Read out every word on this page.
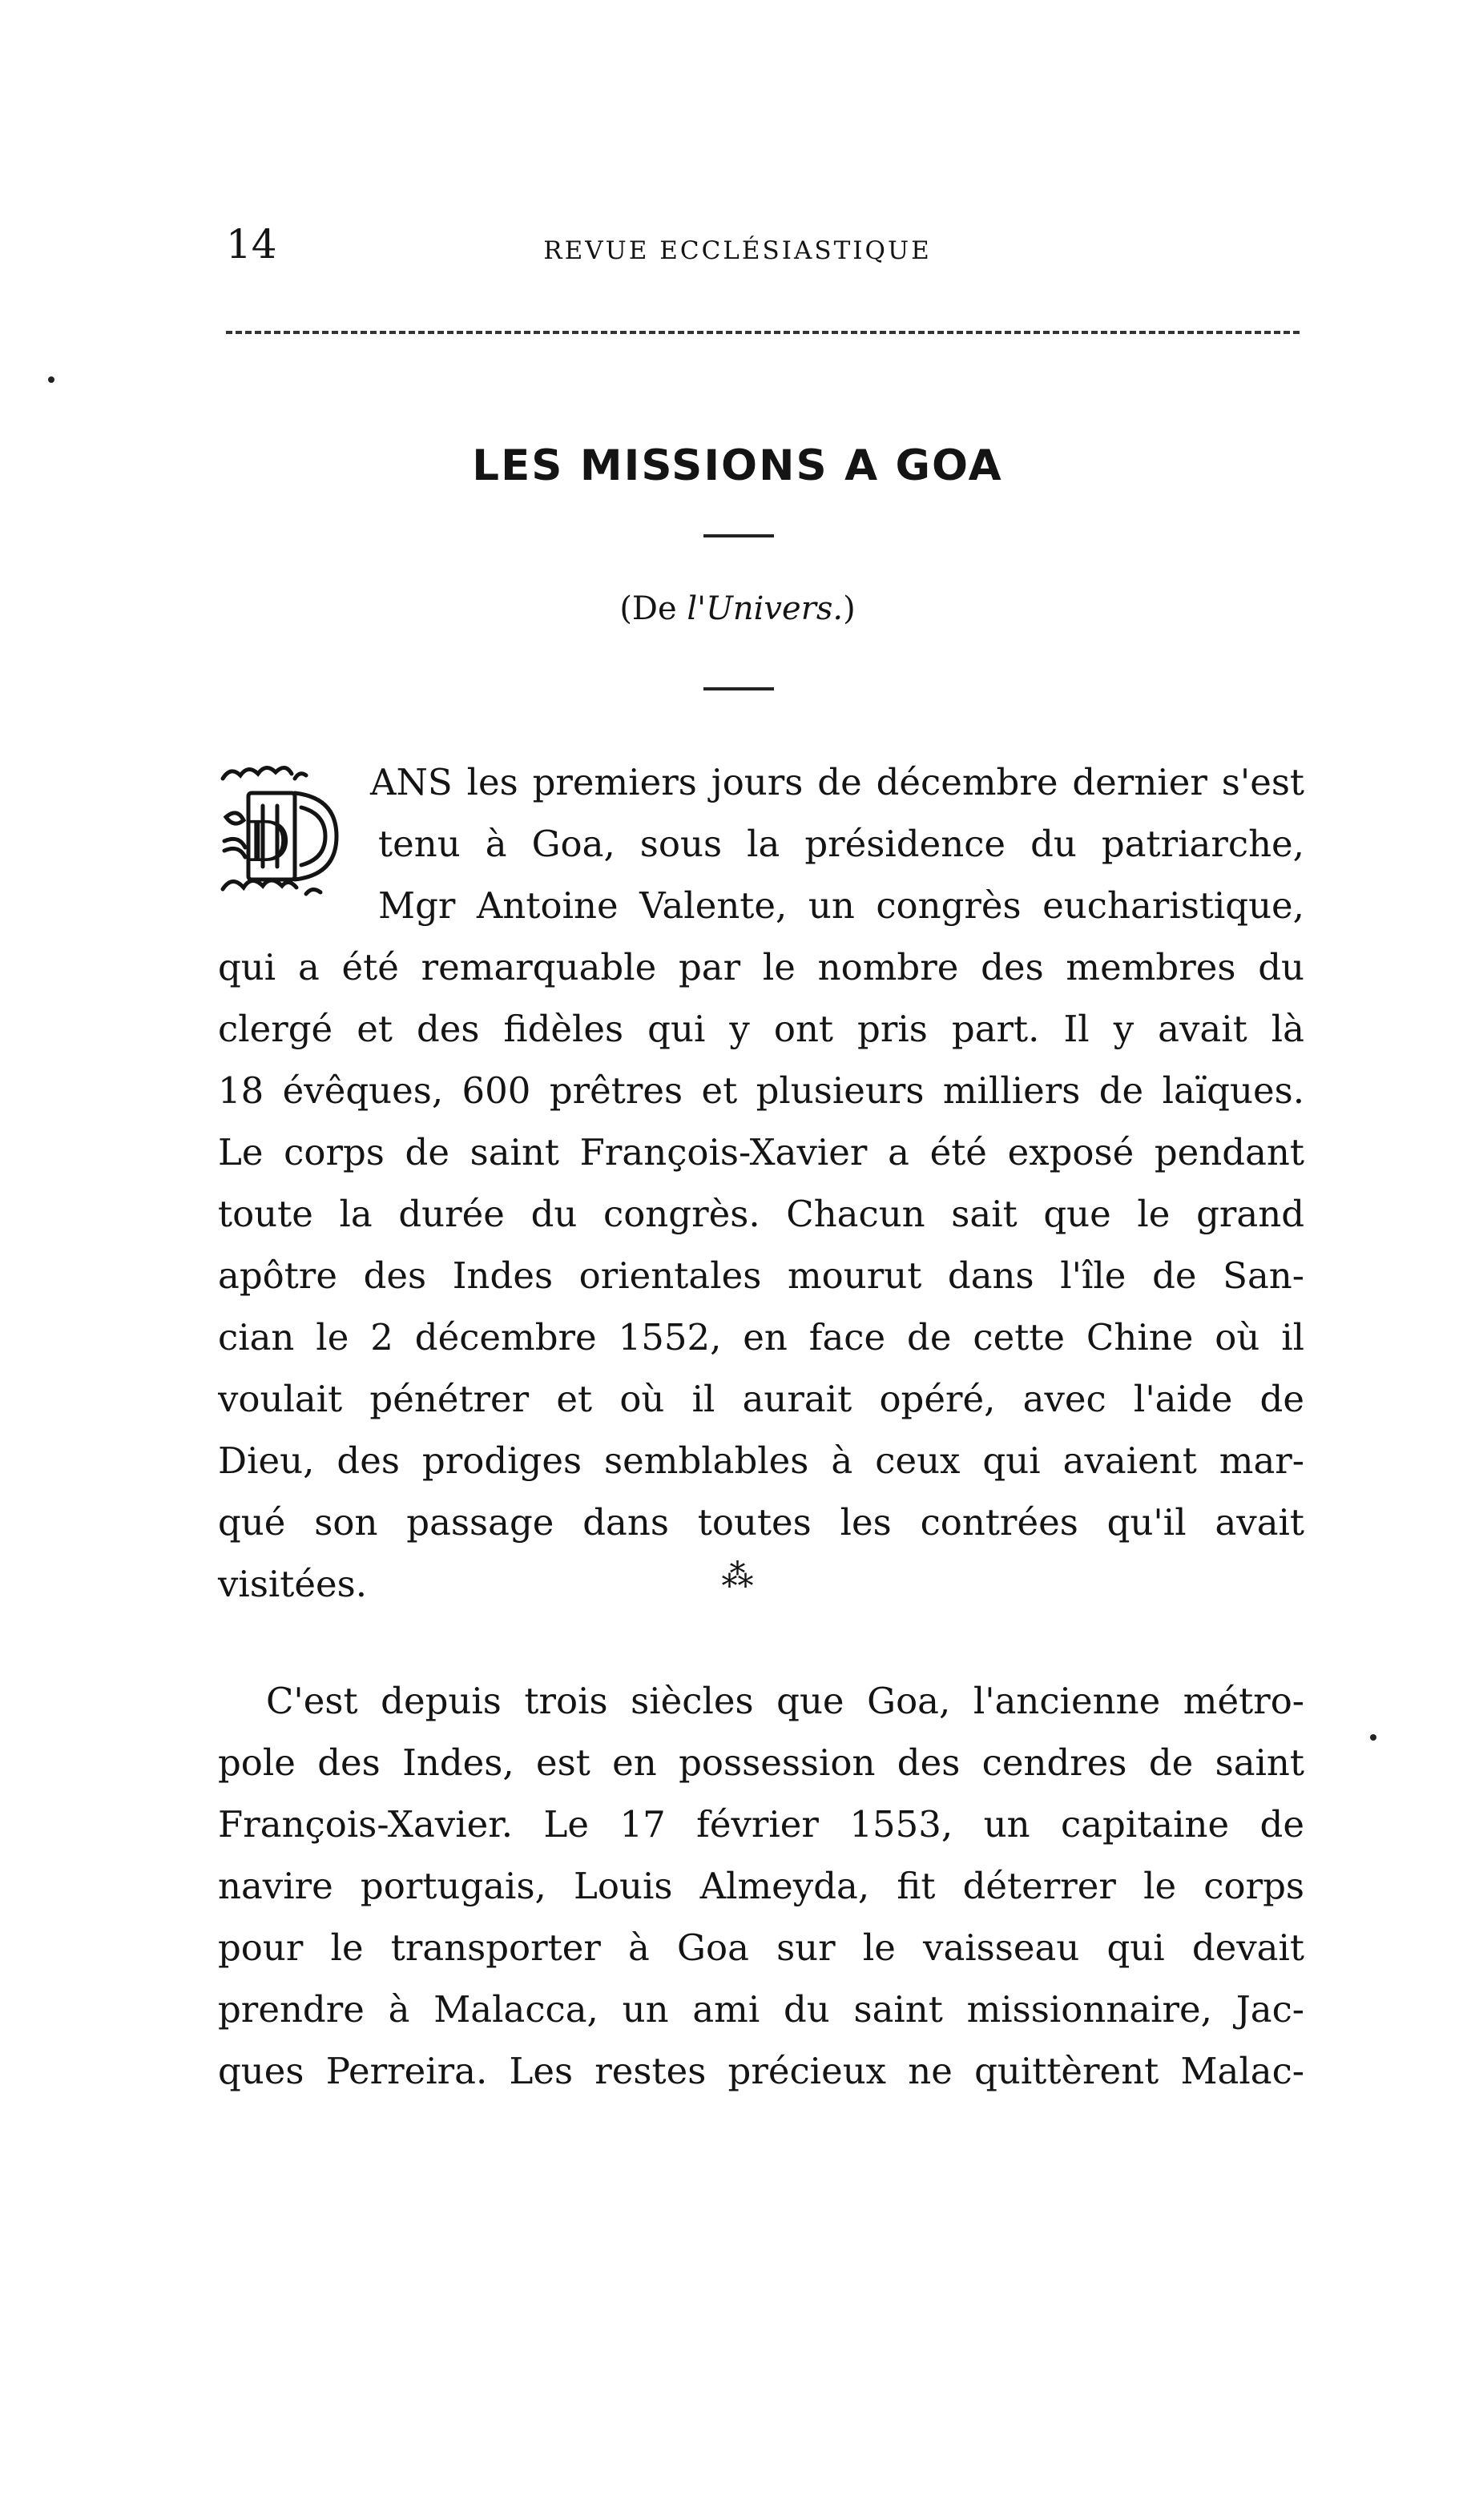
14	REVUE ECCLÉSIASTIQUE
LES MISSIONS A GOA
(De l'Univers.)
D
ANS les premiers jours de décembre dernier s'est
tenu à Goa, sous la présidence du patriarche,
Mgr Antoine Valente, un congrès eucharistique,
qui a été remarquable par le nombre des membres du
clergé et des fidèles qui y ont pris part. Il y avait là
18 évêques, 600 prêtres et plusieurs milliers de laïques.
Le corps de saint François-Xavier a été exposé pendant
toute la durée du congrès. Chacun sait que le grand
apôtre des Indes orientales mourut dans l'île de San-
cian le 2 décembre 1552, en face de cette Chine où il
voulait pénétrer et où il aurait opéré, avec l'aide de
Dieu, des prodiges semblables à ceux qui avaient mar-
qué son passage dans toutes les contrées qu'il avait
visitées.	⁂
C'est depuis trois siècles que Goa, l'ancienne métro-
pole des Indes, est en possession des cendres de saint
François-Xavier. Le 17 février 1553, un capitaine de
navire portugais, Louis Almeyda, fit déterrer le corps
pour le transporter à Goa sur le vaisseau qui devait
prendre à Malacca, un ami du saint missionnaire, Jac-
ques Perreira. Les restes précieux ne quittèrent Malac-
